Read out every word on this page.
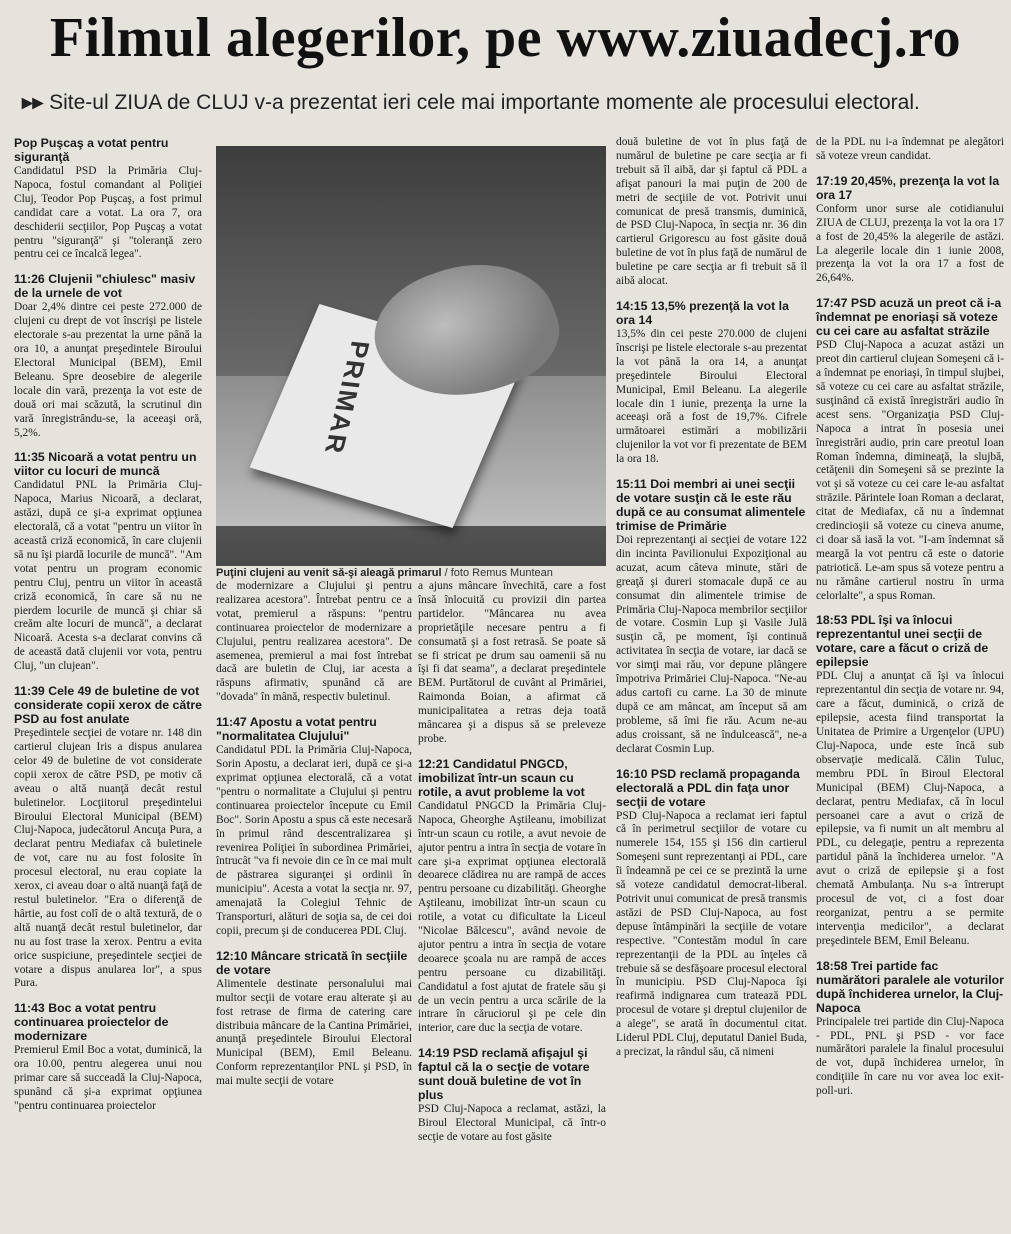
Filmul alegerilor, pe www.ziuadecj.ro
▸▸ Site-ul ZIUA de CLUJ v-a prezentat ieri cele mai importante momente ale procesului electoral.
PRIMAR
Puţini clujeni au venit să-şi aleagă primarul / foto Remus Muntean
Pop Puşcaş a votat pentru siguranţă

Candidatul PSD la Primăria Cluj-Napoca, fostul comandant al Poliţiei Cluj, Teodor Pop Puşcaş, a fost primul candidat care a votat. La ora 7, ora deschiderii secţiilor, Pop Puşcaş a votat pentru "siguranţă" şi "toleranţă zero pentru cei ce încalcă legea".

11:26 Clujenii "chiulesc" masiv de la urnele de vot

Doar 2,4% dintre cei peste 272.000 de clujeni cu drept de vot înscrişi pe listele electorale s-au prezentat la urne până la ora 10, a anunţat preşedintele Biroului Electoral Municipal (BEM), Emil Beleanu. Spre deosebire de alegerile locale din vară, prezenţa la vot este de două ori mai scăzută, la scrutinul din vară înregistrându-se, la aceeaşi oră, 5,2%.

11:35 Nicoară a votat pentru un viitor cu locuri de muncă

Candidatul PNL la Primăria Cluj-Napoca, Marius Nicoară, a declarat, astăzi, după ce şi-a exprimat opţiunea electorală, că a votat "pentru un viitor în această criză economică, în care clujenii să nu îşi piardă locurile de muncă". "Am votat pentru un program economic pentru Cluj, pentru un viitor în această criză economică, în care să nu ne pierdem locurile de muncă şi chiar să creăm alte locuri de muncă", a declarat Nicoară. Acesta s-a declarat convins că de această dată clujenii vor vota, pentru Cluj, "un clujean".

11:39 Cele 49 de buletine de vot considerate copii xerox de către PSD au fost anulate

Preşedintele secţiei de votare nr. 148 din cartierul clujean Iris a dispus anularea celor 49 de buletine de vot considerate copii xerox de către PSD, pe motiv că aveau o altă nuanţă decât restul buletinelor. Locţiitorul preşedintelui Biroului Electoral Municipal (BEM) Cluj-Napoca, judecătorul Ancuţa Pura, a declarat pentru Mediafax că buletinele de vot, care nu au fost folosite în procesul electoral, nu erau copiate la xerox, ci aveau doar o altă nuanţă faţă de restul buletinelor. "Era o diferenţă de hârtie, au fost colî de o altă textură, de o altă nuanţă decât restul buletinelor, dar nu au fost trase la xerox. Pentru a evita orice suspiciune, preşedintele secţiei de votare a dispus anularea lor", a spus Pura.

11:43 Boc a votat pentru continuarea proiectelor de modernizare

Premierul Emil Boc a votat, duminică, la ora 10.00, pentru alegerea unui nou primar care să succeadă la Cluj-Napoca, spunând că şi-a exprimat opţiunea "pentru continuarea proiectelor

de modernizare a Clujului şi pentru realizarea acestora". Întrebat pentru ce a votat, premierul a răspuns: "pentru continuarea proiectelor de modernizare a Clujului, pentru realizarea acestora". De asemenea, premierul a mai fost întrebat dacă are buletin de Cluj, iar acesta a răspuns afirmativ, spunând că are "dovada" în mână, respectiv buletinul.

11:47 Apostu a votat pentru "normalitatea Clujului"

Candidatul PDL la Primăria Cluj-Napoca, Sorin Apostu, a declarat ieri, după ce şi-a exprimat opţiunea electorală, că a votat "pentru o normalitate a Clujului şi pentru continuarea proiectelor începute cu Emil Boc". Sorin Apostu a spus că este necesară în primul rând descentralizarea şi revenirea Poliţiei în subordinea Primăriei, întrucât "va fi nevoie din ce în ce mai mult de păstrarea siguranţei şi ordinii în municipiu". Acesta a votat la secţia nr. 97, amenajată la Colegiul Tehnic de Transporturi, alături de soţia sa, de cei doi copii, precum şi de conducerea PDL Cluj.

12:10 Mâncare stricată în secţiile de votare

Alimentele destinate personalului mai multor secţii de votare erau alterate şi au fost retrase de firma de catering care distribuia mâncare de la Cantina Primăriei, anunţă preşedintele Biroului Electoral Municipal (BEM), Emil Beleanu. Conform reprezentanţilor PNL şi PSD, în mai multe secţii de votare

a ajuns mâncare învechită, care a fost însă înlocuită cu provizii din partea partidelor. "Mâncarea nu avea proprietăţile necesare pentru a fi consumată şi a fost retrasă. Se poate să se fi stricat pe drum sau oamenii să nu îşi fi dat seama", a declarat preşedintele BEM. Purtătorul de cuvânt al Primăriei, Raimonda Boian, a afirmat că municipalitatea a retras deja toată mâncarea şi a dispus să se preleveze probe.

12:21 Candidatul PNGCD, imobilizat într-un scaun cu rotile, a avut probleme la vot

Candidatul PNGCD la Primăria Cluj-Napoca, Gheorghe Aştileanu, imobilizat într-un scaun cu rotile, a avut nevoie de ajutor pentru a intra în secţia de votare în care şi-a exprimat opţiunea electorală deoarece clădirea nu are rampă de acces pentru persoane cu dizabilităţi. Gheorghe Aştileanu, imobilizat într-un scaun cu rotile, a votat cu dificultate la Liceul "Nicolae Bălcescu", având nevoie de ajutor pentru a intra în secţia de votare deoarece şcoala nu are rampă de acces pentru persoane cu dizabilităţi. Candidatul a fost ajutat de fratele său şi de un vecin pentru a urca scările de la intrare în căruciorul şi pe cele din interior, care duc la secţia de votare.

14:19 PSD reclamă afişajul şi faptul că la o secţie de votare sunt două buletine de vot în plus

PSD Cluj-Napoca a reclamat, astăzi, la Biroul Electoral Municipal, că într-o secţie de votare au fost găsite

două buletine de vot în plus faţă de numărul de buletine pe care secţia ar fi trebuit să îl aibă, dar şi faptul că PDL a afişat panouri la mai puţin de 200 de metri de secţiile de vot. Potrivit unui comunicat de presă transmis, duminică, de PSD Cluj-Napoca, în secţia nr. 36 din cartierul Grigorescu au fost găsite două buletine de vot în plus faţă de numărul de buletine pe care secţia ar fi trebuit să îl aibă alocat.

14:15 13,5% prezenţă la vot la ora 14

13,5% din cei peste 270.000 de clujeni înscrişi pe listele electorale s-au prezentat la vot până la ora 14, a anunţat preşedintele Biroului Electoral Municipal, Emil Beleanu. La alegerile locale din 1 iunie, prezenţa la urne la aceeaşi oră a fost de 19,7%. Cifrele următoarei estimări a mobilizării clujenilor la vot vor fi prezentate de BEM la ora 18.

15:11 Doi membri ai unei secţii de votare susţin că le este rău după ce au consumat alimentele trimise de Primărie

Doi reprezentanţi ai secţiei de votare 122 din incinta Pavilionului Expoziţional au acuzat, acum câteva minute, stări de greaţă şi dureri stomacale după ce au consumat din alimentele trimise de Primăria Cluj-Napoca membrilor secţiilor de votare. Cosmin Lup şi Vasile Julă susţin că, pe moment, îşi continuă activitatea în secţia de votare, iar dacă se vor simţi mai rău, vor depune plângere împotriva Primăriei Cluj-Napoca. "Ne-au adus cartofi cu carne. La 30 de minute după ce am mâncat, am început să am probleme, să îmi fie rău. Acum ne-au adus croissant, să ne îndulcească", ne-a declarat Cosmin Lup.

16:10 PSD reclamă propaganda electorală a PDL din faţa unor secţii de votare

PSD Cluj-Napoca a reclamat ieri faptul că în perimetrul secţiilor de votare cu numerele 154, 155 şi 156 din cartierul Someşeni sunt reprezentanţi ai PDL, care îi îndeamnă pe cei ce se prezintă la urne să voteze candidatul democrat-liberal. Potrivit unui comunicat de presă transmis astăzi de PSD Cluj-Napoca, au fost depuse întâmpinări la secţiile de votare respective. "Contestăm modul în care reprezentanţii de la PDL au înţeles că trebuie să se desfăşoare procesul electoral în municipiu. PSD Cluj-Napoca îşi reafirmă indignarea cum tratează PDL procesul de votare şi dreptul clujenilor de a alege", se arată în documentul citat. Liderul PDL Cluj, deputatul Daniel Buda, a precizat, la rândul său, că nimeni

de la PDL nu i-a îndemnat pe alegători să voteze vreun candidat.

17:19 20,45%, prezenţa la vot la ora 17

Conform unor surse ale cotidianului ZIUA de CLUJ, prezenţa la vot la ora 17 a fost de 20,45% la alegerile de astăzi. La alegerile locale din 1 iunie 2008, prezenţa la vot la ora 17 a fost de 26,64%.

17:47 PSD acuză un preot că i-a îndemnat pe enoriaşi să voteze cu cei care au asfaltat străzile

PSD Cluj-Napoca a acuzat astăzi un preot din cartierul clujean Someşeni că i-a îndemnat pe enoriaşi, în timpul slujbei, să voteze cu cei care au asfaltat străzile, susţinând că există înregistrări audio în acest sens. "Organizaţia PSD Cluj-Napoca a intrat în posesia unei înregistrări audio, prin care preotul Ioan Roman îndemna, dimineaţă, la slujbă, cetăţenii din Someşeni să se prezinte la vot şi să voteze cu cei care le-au asfaltat străzile. Părintele Ioan Roman a declarat, citat de Mediafax, că nu a îndemnat credincioşii să voteze cu cineva anume, ci doar să iasă la vot. "I-am îndemnat să meargă la vot pentru că este o datorie patriotică. Le-am spus să voteze pentru a nu rămâne cartierul nostru în urma celorlalte", a spus Roman.

18:53 PDL îşi va înlocui reprezentantul unei secţii de votare, care a făcut o criză de epilepsie

PDL Cluj a anunţat că îşi va înlocui reprezentantul din secţia de votare nr. 94, care a făcut, duminică, o criză de epilepsie, acesta fiind transportat la Unitatea de Primire a Urgenţelor (UPU) Cluj-Napoca, unde este încă sub observaţie medicală. Călin Tuluc, membru PDL în Biroul Electoral Municipal (BEM) Cluj-Napoca, a declarat, pentru Mediafax, că în locul persoanei care a avut o criză de epilepsie, va fi numit un alt membru al PDL, cu delegaţie, pentru a reprezenta partidul până la închiderea urnelor. "A avut o criză de epilepsie şi a fost chemată Ambulanţa. Nu s-a întrerupt procesul de vot, ci a fost doar reorganizat, pentru a se permite intervenţia medicilor", a declarat preşedintele BEM, Emil Beleanu.

18:58 Trei partide fac numărători paralele ale voturilor după închiderea urnelor, la Cluj-Napoca

Principalele trei partide din Cluj-Napoca - PDL, PNL şi PSD - vor face numărători paralele la finalul procesului de vot, după închiderea urnelor, în condiţiile în care nu vor avea loc exit-poll-uri.
